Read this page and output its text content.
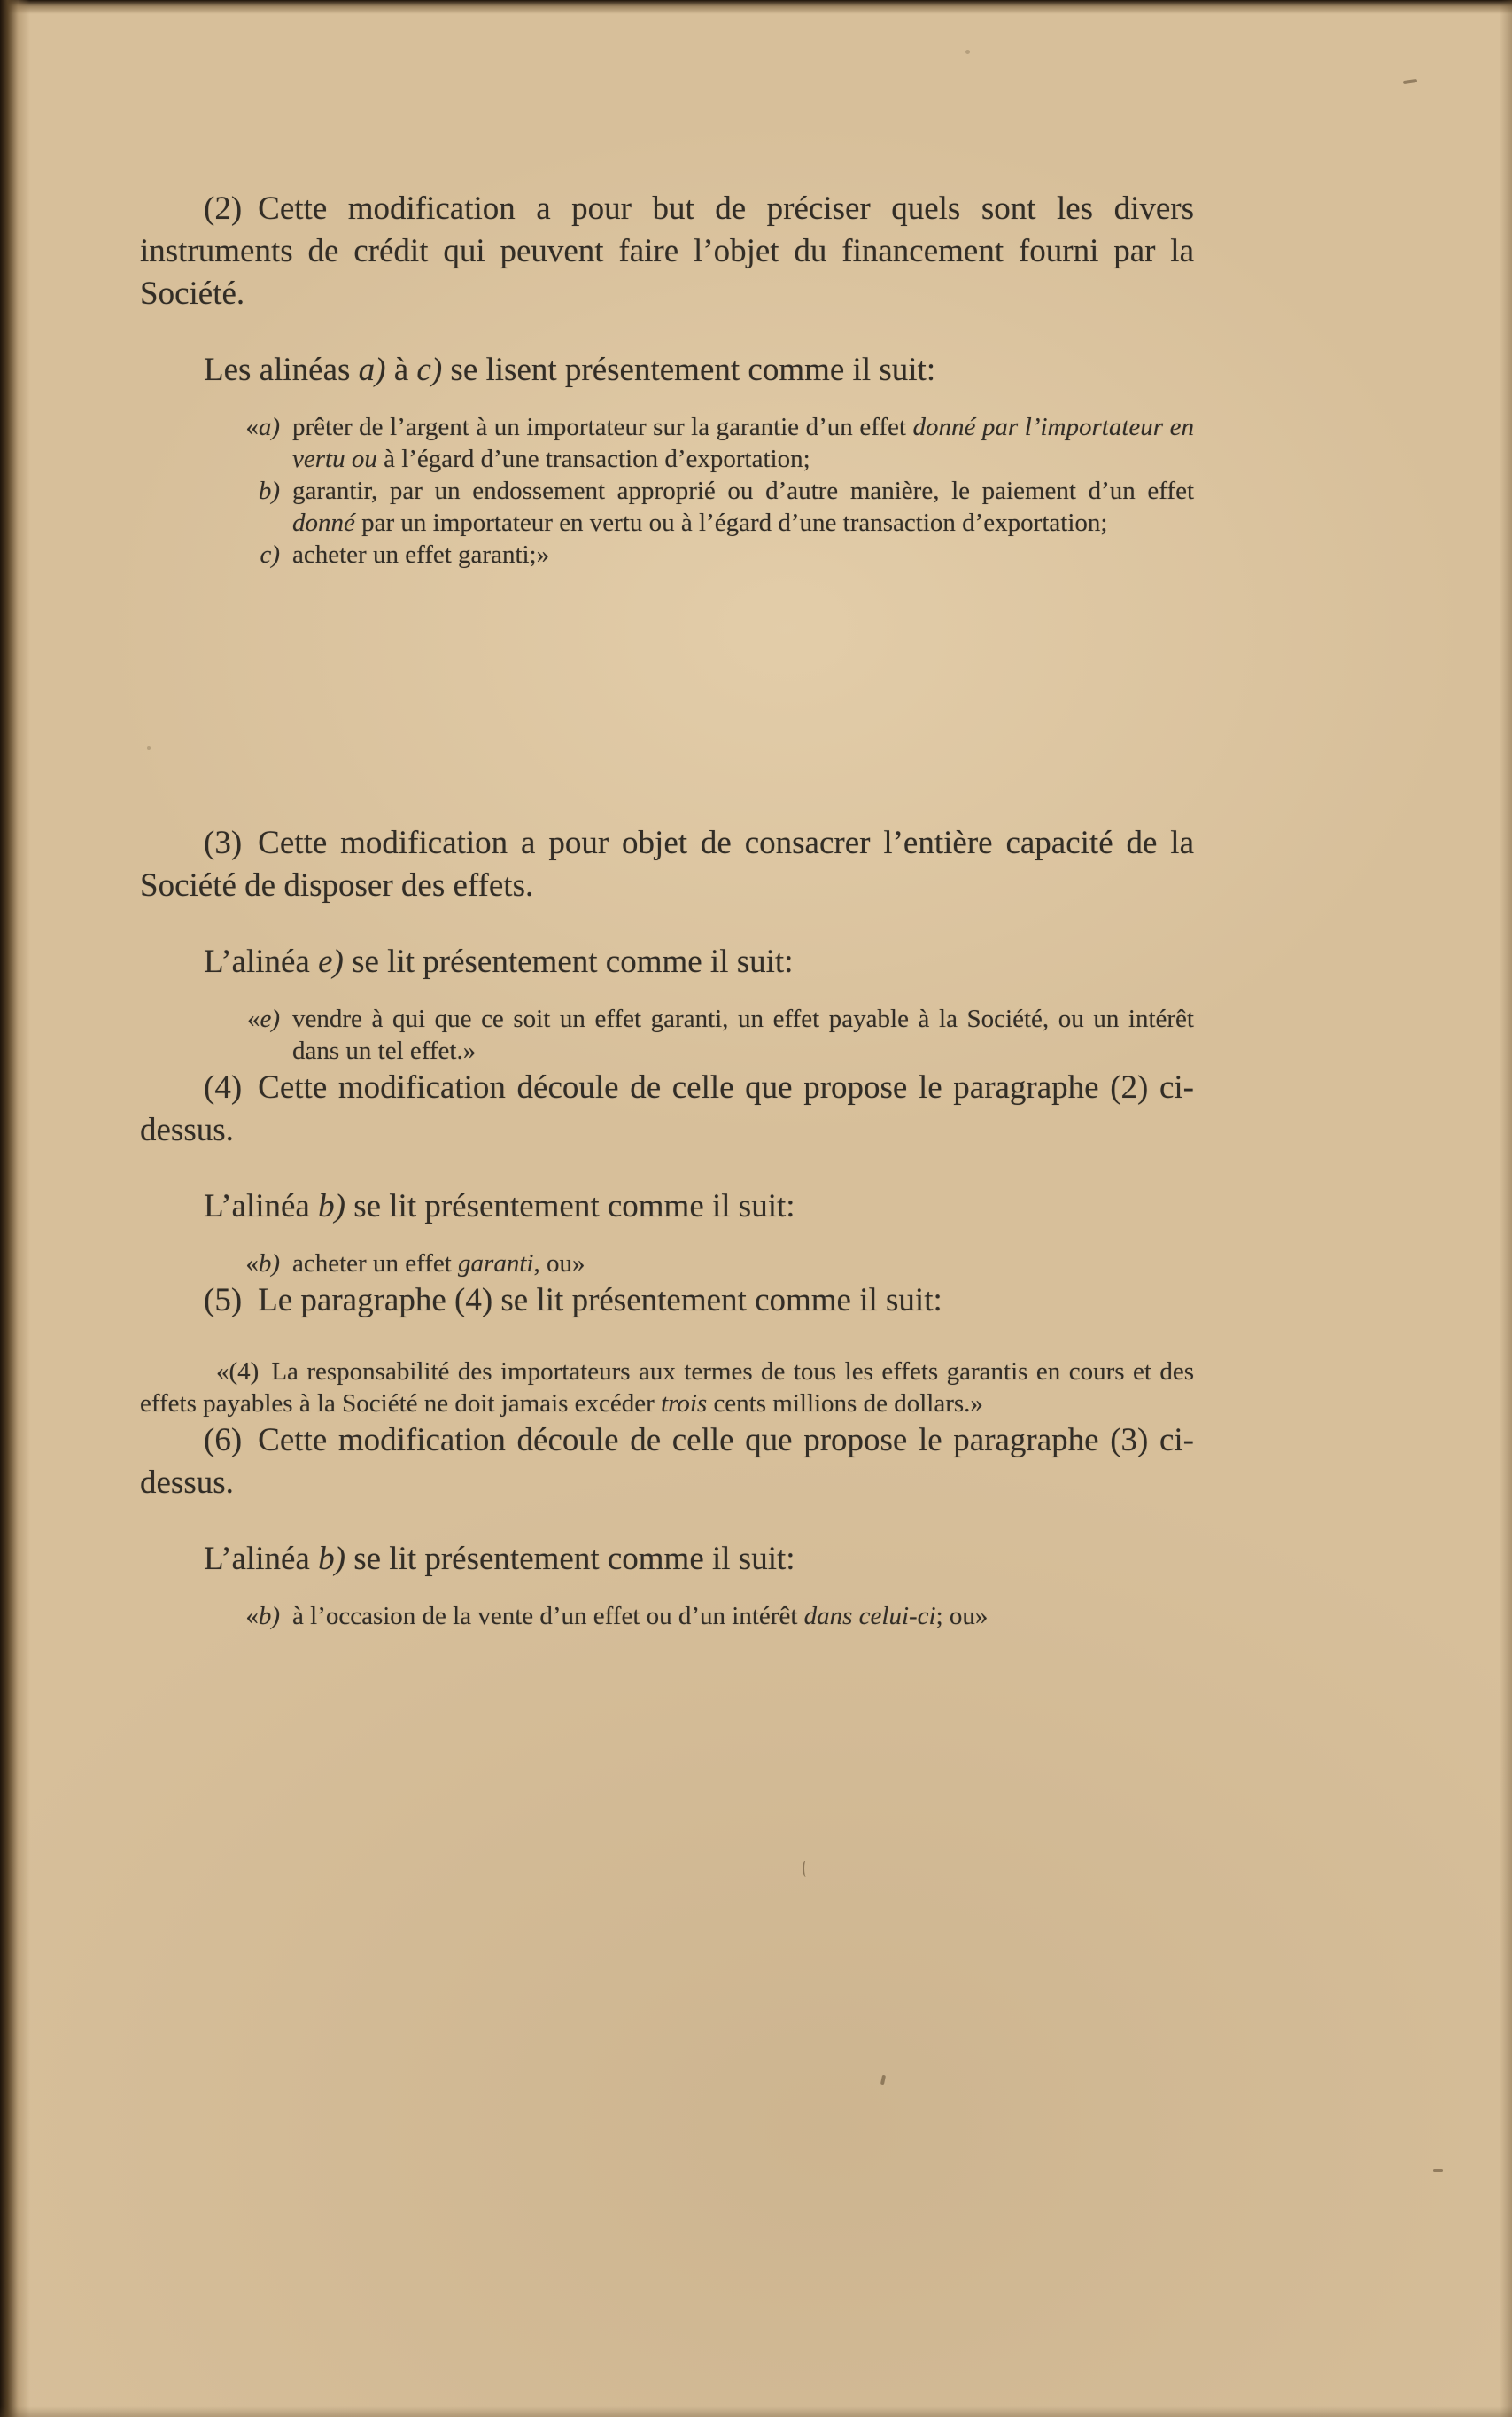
(2) Cette modification a pour but de préciser quels sont les divers instruments de crédit qui peuvent faire l’objet du financement fourni par la Société.

Les alinéas a) à c) se lisent présentement comme il suit:

«a) prêter de l’argent à un importateur sur la garantie d’un effet donné par l’importateur en vertu ou à l’égard d’une transaction d’exportation;
b) garantir, par un endossement approprié ou d’autre manière, le paiement d’un effet donné par un importateur en vertu ou à l’égard d’une transaction d’exportation;
c) acheter un effet garanti;»

(3) Cette modification a pour objet de consacrer l’entière capacité de la Société de disposer des effets.

L’alinéa e) se lit présentement comme il suit:

«e) vendre à qui que ce soit un effet garanti, un effet payable à la Société, ou un intérêt dans un tel effet.»

(4) Cette modification découle de celle que propose le paragraphe (2) ci-dessus.

L’alinéa b) se lit présentement comme il suit:

«b) acheter un effet garanti, ou»

(5) Le paragraphe (4) se lit présentement comme il suit:

«(4) La responsabilité des importateurs aux termes de tous les effets garantis en cours et des effets payables à la Société ne doit jamais excéder trois cents millions de dollars.»

(6) Cette modification découle de celle que propose le paragraphe (3) ci-dessus.

L’alinéa b) se lit présentement comme il suit:

«b) à l’occasion de la vente d’un effet ou d’un intérêt dans celui-ci; ou»
